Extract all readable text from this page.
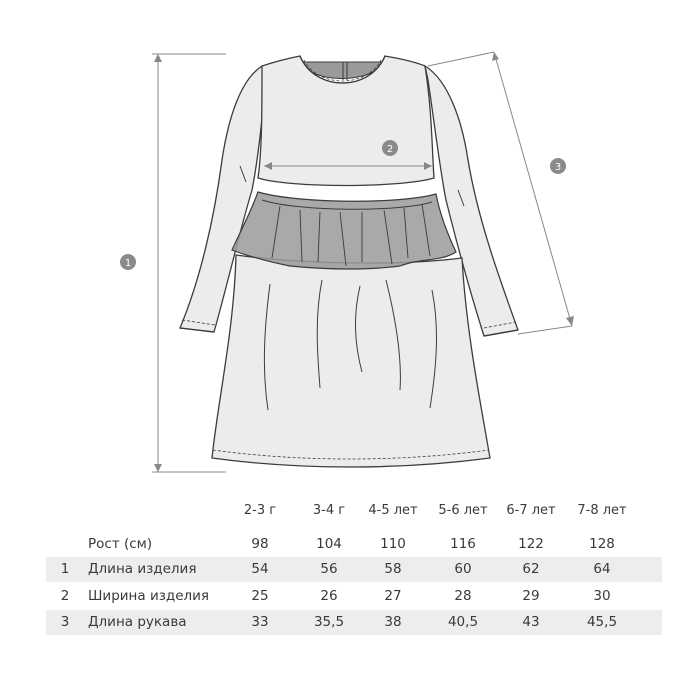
1
2
3
2-3 г	3-4 г	4-5 лет	5-6 лет	6-7 лет	7-8 лет
Рост (см)	98	104	110	116	122	128
1 Длина изделия	54	56	58	60	62	64
2 Ширина изделия	25	26	27	28	29	30
3 Длина рукава	33	35,5	38	40,5	43	45,5
